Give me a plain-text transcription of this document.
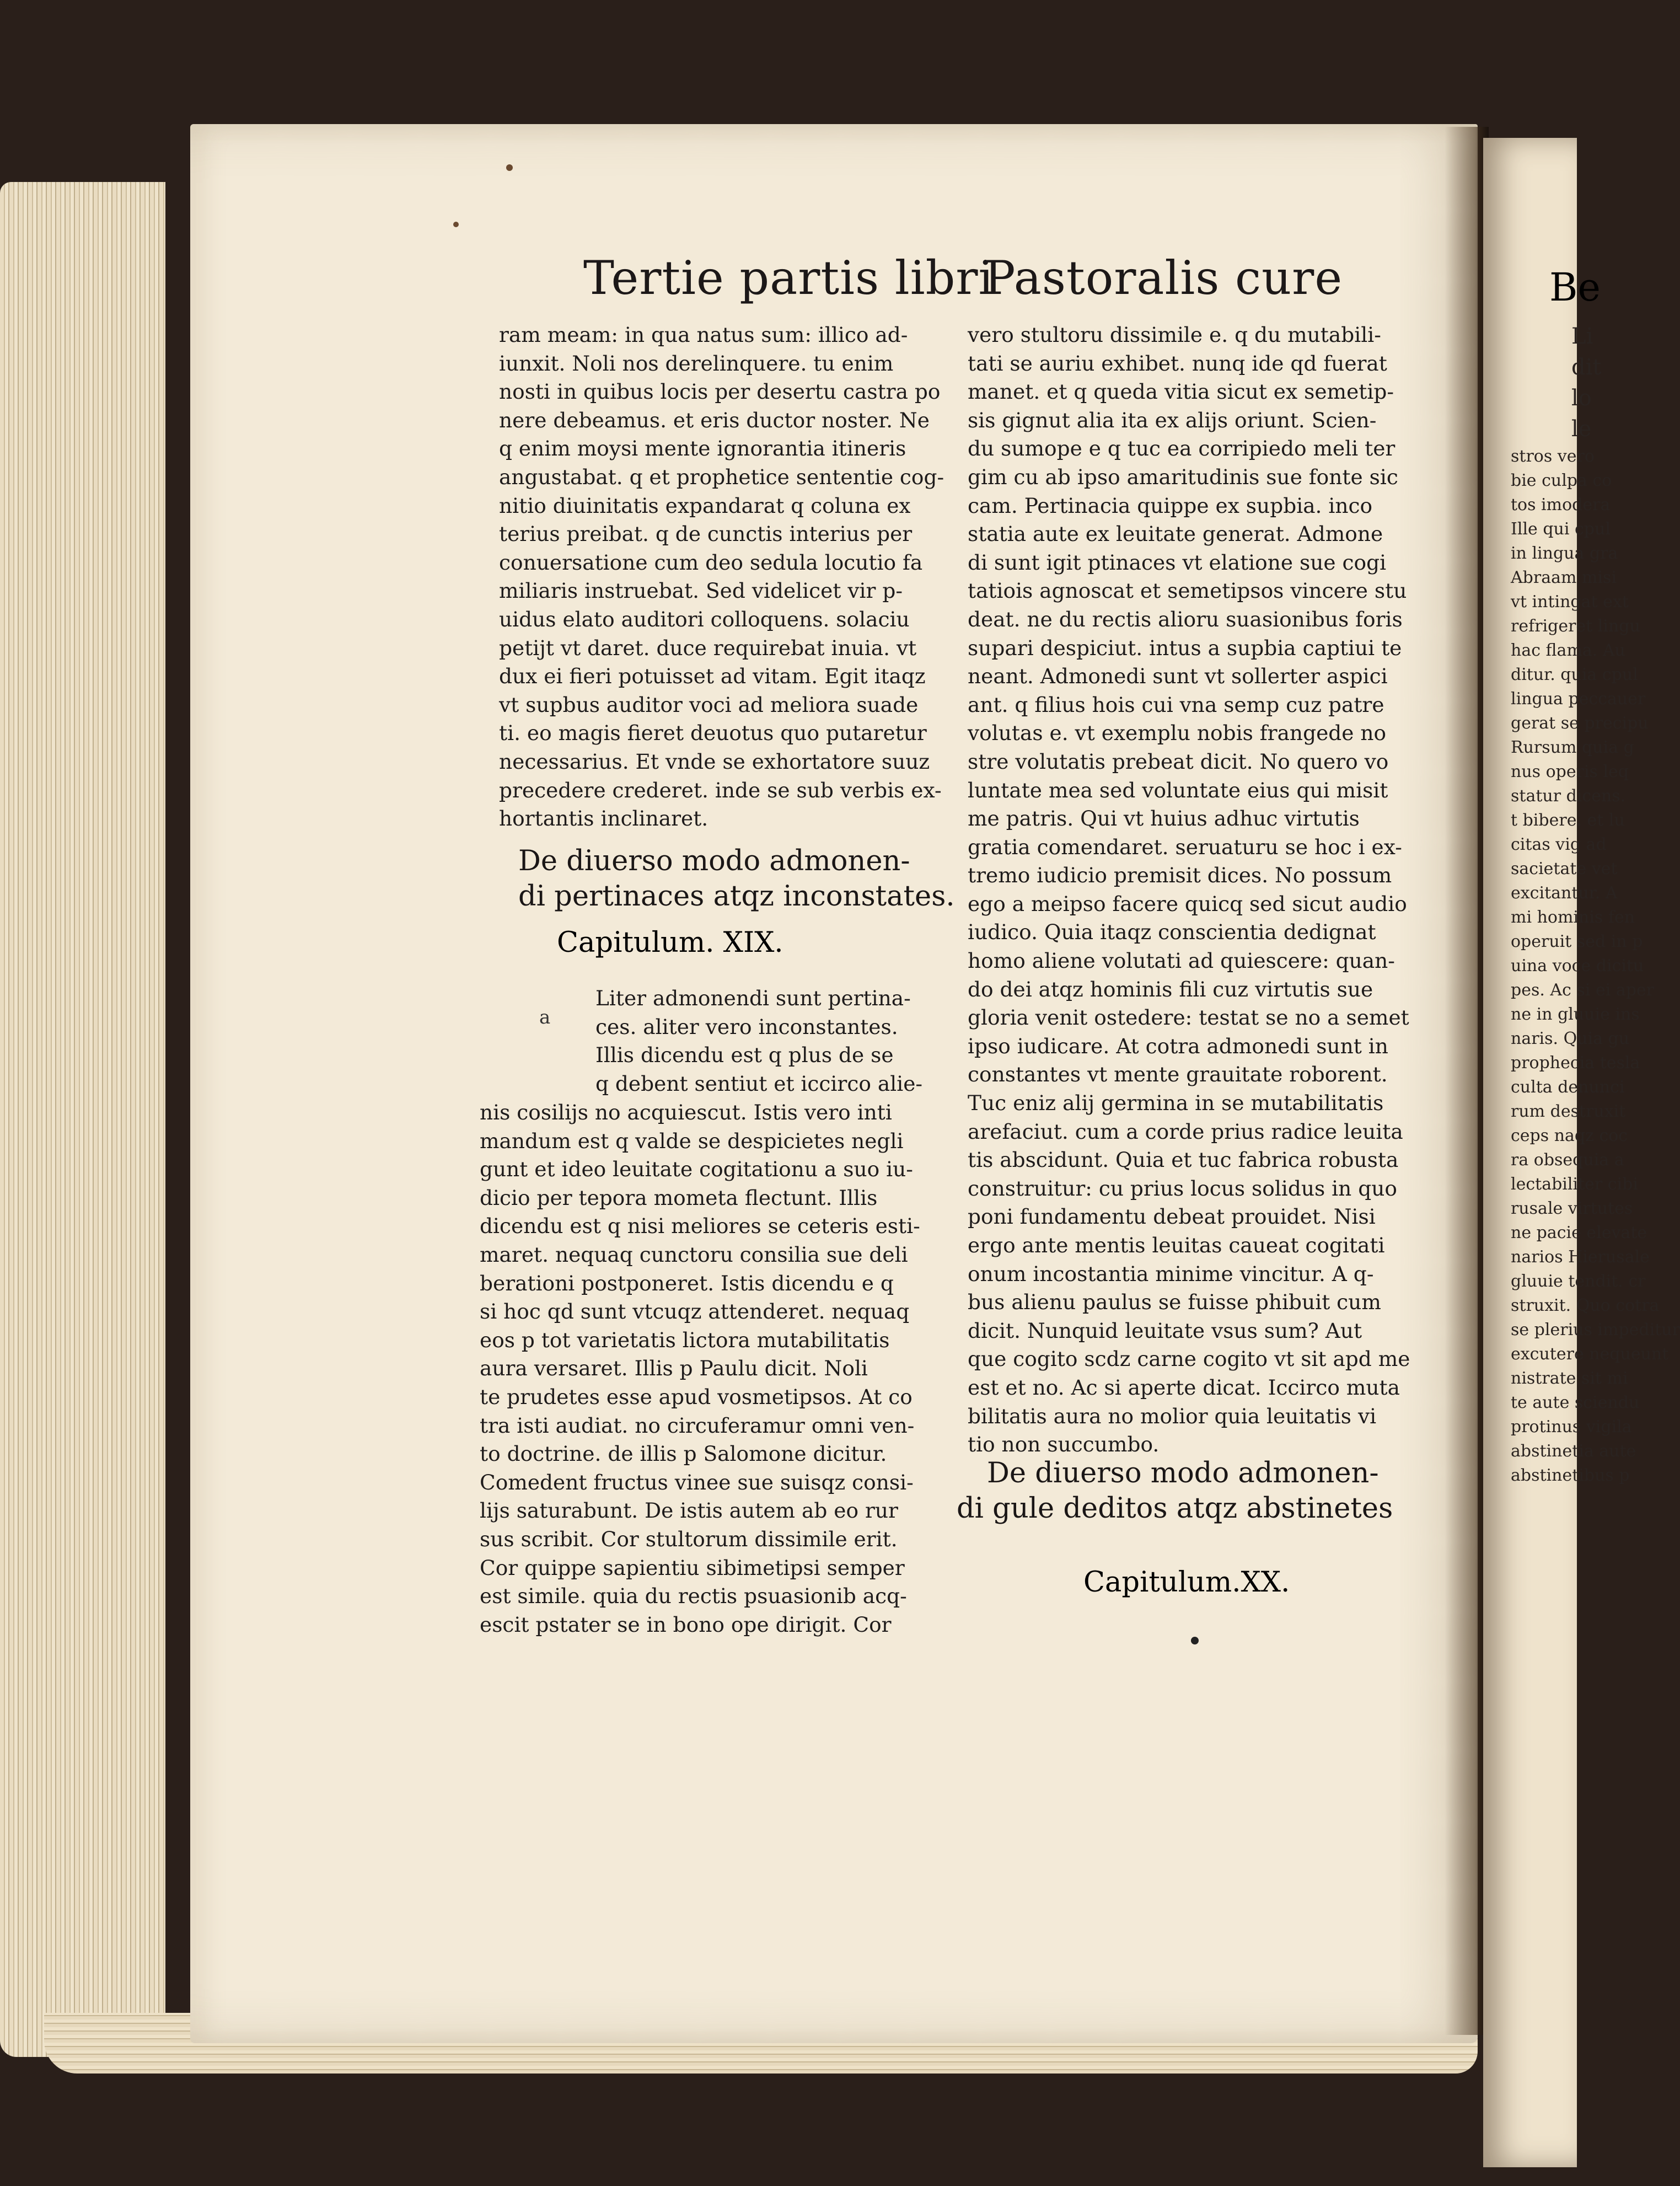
Be
Li
dit
lo
le
stros vero
bie culpa co
tos imodera
Ille qui cpul
in lingua gra
Abraam misi
vt intingat ext
refrigeret lingu
hac flama. Au
ditur. quia cpul
lingua peccauer
gerat se precipu
Rursum quia g
nus operis leq
statur dicens.
t bibere. et lu
citas vig ad
sacietate vet
excitantur. A
mi hominis fen
operuit sed in p
uina voce dicitu
pes. Ac si ei aper
ne in gluuie ins
naris. Quia gu
prophecia tesla
culta denunci
rum destruxit
ceps naqz coc
ra obsequia a
lectabiliter cibi
rusale virtutes
ne pacie elevate
narios Hierusale
gluuie tendit. cr
struxit. Quo cotra
se plerius impeditur
excutere nequeunt
nistrate sit mi
te aute sciendu
protinus vigila
abstinetia aute
abstinetibus p
Tertie partis libri
Pastoralis cure
ram meam: in qua natus sum: illico ad-
iunxit. Noli nos derelinquere. tu enim
nosti in quibus locis per desertu castra po
nere debeamus. et eris ductor noster. Ne
q enim moysi mente ignorantia itineris
angustabat. q et prophetice sententie cog-
nitio diuinitatis expandarat q coluna ex
terius preibat. q de cunctis interius per
conuersatione cum deo sedula locutio fa
miliaris instruebat. Sed videlicet vir p-
uidus elato auditori colloquens. solaciu
petijt vt daret. duce requirebat inuia. vt
dux ei fieri potuisset ad vitam. Egit itaqz
vt supbus auditor voci ad meliora suade
ti. eo magis fieret deuotus quo putaretur
necessarius. Et vnde se exhortatore suuz
precedere crederet. inde se sub verbis ex-
hortantis inclinaret.
De diuerso modo admonen-
di pertinaces atqz inconstates.
Capitulum. XIX.
a
Liter admonendi sunt pertina-
ces. aliter vero inconstantes.
Illis dicendu est q plus de se
q debent sentiut et iccirco alie-
nis cosilijs no acquiescut. Istis vero inti
mandum est q valde se despicietes negli
gunt et ideo leuitate cogitationu a suo iu-
dicio per tepora mometa flectunt. Illis
dicendu est q nisi meliores se ceteris esti-
maret. nequaq cunctoru consilia sue deli
berationi postponeret. Istis dicendu e q
si hoc qd sunt vtcuqz attenderet. nequaq
eos p tot varietatis lictora mutabilitatis
aura versaret. Illis p Paulu dicit. Noli
te prudetes esse apud vosmetipsos. At co
tra isti audiat. no circuferamur omni ven-
to doctrine. de illis p Salomone dicitur.
Comedent fructus vinee sue suisqz consi-
lijs saturabunt. De istis autem ab eo rur
sus scribit. Cor stultorum dissimile erit.
Cor quippe sapientiu sibimetipsi semper
est simile. quia du rectis psuasionib acq-
escit pstater se in bono ope dirigit. Cor
vero stultoru dissimile e. q du mutabili-
tati se auriu exhibet. nunq ide qd fuerat
manet. et q queda vitia sicut ex semetip-
sis gignut alia ita ex alijs oriunt. Scien-
du sumope e q tuc ea corripiedo meli ter
gim cu ab ipso amaritudinis sue fonte sic
cam. Pertinacia quippe ex supbia. inco
statia aute ex leuitate generat. Admone
di sunt igit ptinaces vt elatione sue cogi
tatiois agnoscat et semetipsos vincere stu
deat. ne du rectis alioru suasionibus foris
supari despiciut. intus a supbia captiui te
neant. Admonedi sunt vt sollerter aspici
ant. q filius hois cui vna semp cuz patre
volutas e. vt exemplu nobis frangede no
stre volutatis prebeat dicit. No quero vo
luntate mea sed voluntate eius qui misit
me patris. Qui vt huius adhuc virtutis
gratia comendaret. seruaturu se hoc i ex-
tremo iudicio premisit dices. No possum
ego a meipso facere quicq sed sicut audio
iudico. Quia itaqz conscientia dedignat
homo aliene volutati ad quiescere: quan-
do dei atqz hominis fili cuz virtutis sue
gloria venit ostedere: testat se no a semet
ipso iudicare. At cotra admonedi sunt in
constantes vt mente grauitate roborent.
Tuc eniz alij germina in se mutabilitatis
arefaciut. cum a corde prius radice leuita
tis abscidunt. Quia et tuc fabrica robusta
construitur: cu prius locus solidus in quo
poni fundamentu debeat prouidet. Nisi
ergo ante mentis leuitas caueat cogitati
onum incostantia minime vincitur. A q-
bus alienu paulus se fuisse phibuit cum
dicit. Nunquid leuitate vsus sum? Aut
que cogito scdz carne cogito vt sit apd me
est et no. Ac si aperte dicat. Iccirco muta
bilitatis aura no molior quia leuitatis vi
tio non succumbo.
De diuerso modo admonen-
di gule deditos atqz abstinetes
Capitulum.XX.
